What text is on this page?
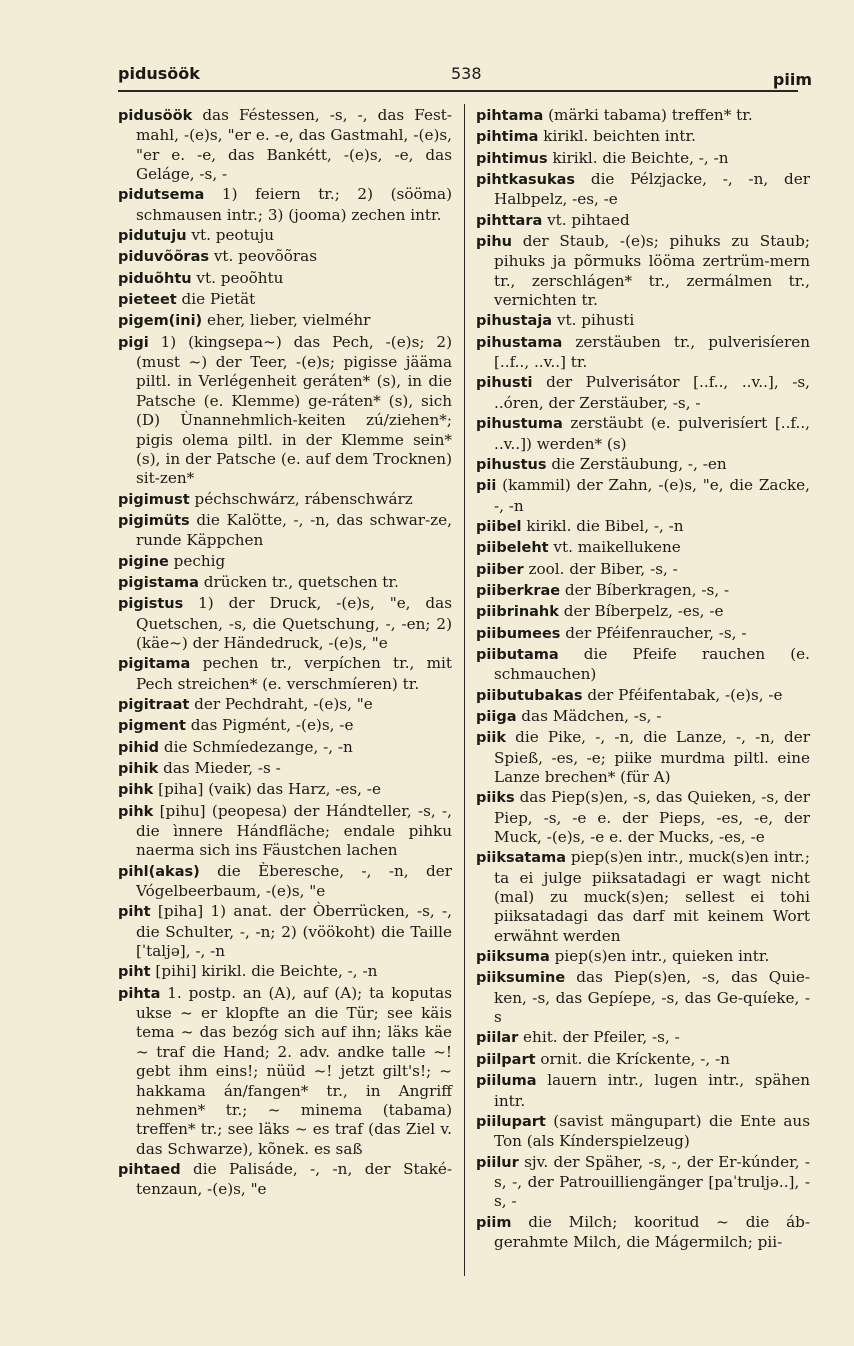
pidusöök	538	piim
pidusöök das Féstessen, -s, -, das Fest-mahl, -(e)s, "er e. -e, das Gastmahl, -(e)s, "er e. -e, das Bankétt, -(e)s, -e, das Geláge, -s, -
pidutsema 1) feiern tr.; 2) (sööma) schmausen intr.; 3) (jooma) zechen intr.
pidutuju vt. peotuju
piduvõõras vt. peovõõras
piduõhtu vt. peoõhtu
pieteet die Pietät
pigem(ini) eher, lieber, vielméhr
pigi 1) (kingsepa~) das Pech, -(e)s; 2) (must ~) der Teer, -(e)s; pigisse jääma piltl. in Verlégenheit geráten* (s), in die Patsche (e. Klemme) ge-ráten* (s), sich (D) Ùnannehmlich-keiten zú/ziehen*; pigis olema piltl. in der Klemme sein* (s), in der Patsche (e. auf dem Trocknen) sit-zen*
pigimust péchschwárz, rábenschwárz
pigimüts die Kalötte, -, -n, das schwar-ze, runde Käppchen
pigine pechig
pigistama drücken tr., quetschen tr.
pigistus 1) der Druck, -(e)s, "e, das Quetschen, -s, die Quetschung, -, -en; 2) (käe~) der Händedruck, -(e)s, "e
pigitama pechen tr., verpíchen tr., mit Pech streichen* (e. verschmíeren) tr.
pigitraat der Pechdraht, -(e)s, "e
pigment das Pigmént, -(e)s, -e
pihid die Schmíedezange, -, -n
pihik das Mieder, -s -
pihk [piha] (vaik) das Harz, -es, -e
pihk [pihu] (peopesa) der Hándteller, -s, -, die ìnnere Hándfläche; endale pihku naerma sich ins Fäustchen lachen
pihl(akas) die Èberesche, -, -n, der Vógelbeerbaum, -(e)s, "e
piht [piha] 1) anat. der Òberrücken, -s, -, die Schulter, -, -n; 2) (vöökoht) die Taille [ˈtaljə], -, -n
piht [pihi] kirikl. die Beichte, -, -n
pihta 1. postp. an (A), auf (A); ta koputas ukse ~ er klopfte an die Tür; see käis tema ~ das bezóg sich auf ihn; läks käe ~ traf die Hand; 2. adv. andke talle ~! gebt ihm eins!; nüüd ~! jetzt gilt's!; ~ hakkama án/fangen* tr., in Angriff nehmen* tr.; ~ minema (tabama) treffen* tr.; see läks ~ es traf (das Ziel v. das Schwarze), kõnek. es saß
pihtaed die Palisáde, -, -n, der Staké-tenzaun, -(e)s, "e
pihtama (märki tabama) treffen* tr.
pihtima kirikl. beichten intr.
pihtimus kirikl. die Beichte, -, -n
pihtkasukas die Pélzjacke, -, -n, der Halbpelz, -es, -e
pihttara vt. pihtaed
pihu der Staub, -(e)s; pihuks zu Staub; pihuks ja põrmuks lööma zertrüm-mern tr., zerschlágen* tr., zermálmen tr., vernichten tr.
pihustaja vt. pihusti
pihustama zerstäuben tr., pulverisíeren [..f.., ..v..] tr.
pihusti der Pulverisátor [..f.., ..v..], -s, ..óren, der Zerstäuber, -s, -
pihustuma zerstäubt (e. pulverisíert [..f.., ..v..]) werden* (s)
pihustus die Zerstäubung, -, -en
pii (kammil) der Zahn, -(e)s, "e, die Zacke, -, -n
piibel kirikl. die Bibel, -, -n
piibeleht vt. maikellukene
piiber zool. der Biber, -s, -
piiberkrae der Bíberkragen, -s, -
piibrinahk der Bíberpelz, -es, -e
piibumees der Pféifenraucher, -s, -
piibutama die Pfeife rauchen (e. schmauchen)
piibutubakas der Pféifentabak, -(e)s, -e
piiga das Mädchen, -s, -
piik die Pike, -, -n, die Lanze, -, -n, der Spieß, -es, -e; piike murdma piltl. eine Lanze brechen* (für A)
piiks das Piep(s)en, -s, das Quieken, -s, der Piep, -s, -e e. der Pieps, -es, -e, der Muck, -(e)s, -e e. der Mucks, -es, -e
piiksatama piep(s)en intr., muck(s)en intr.; ta ei julge piiksatadagi er wagt nicht (mal) zu muck(s)en; sellest ei tohi piiksatadagi das darf mit keinem Wort erwähnt werden
piiksuma piep(s)en intr., quieken intr.
piiksumine das Piep(s)en, -s, das Quie-ken, -s, das Gepíepe, -s, das Ge-quíeke, -s
piilar ehit. der Pfeiler, -s, -
piilpart ornit. die Kríckente, -, -n
piiluma lauern intr., lugen intr., spähen intr.
piilupart (savist mängupart) die Ente aus Ton (als Kínderspielzeug)
piilur sjv. der Späher, -s, -, der Er-kúnder, -s, -, der Patrouilliengänger [paˈtruljə..], -s, -
piim die Milch; kooritud ~ die áb-gerahmte Milch, die Mágermilch; pii-
